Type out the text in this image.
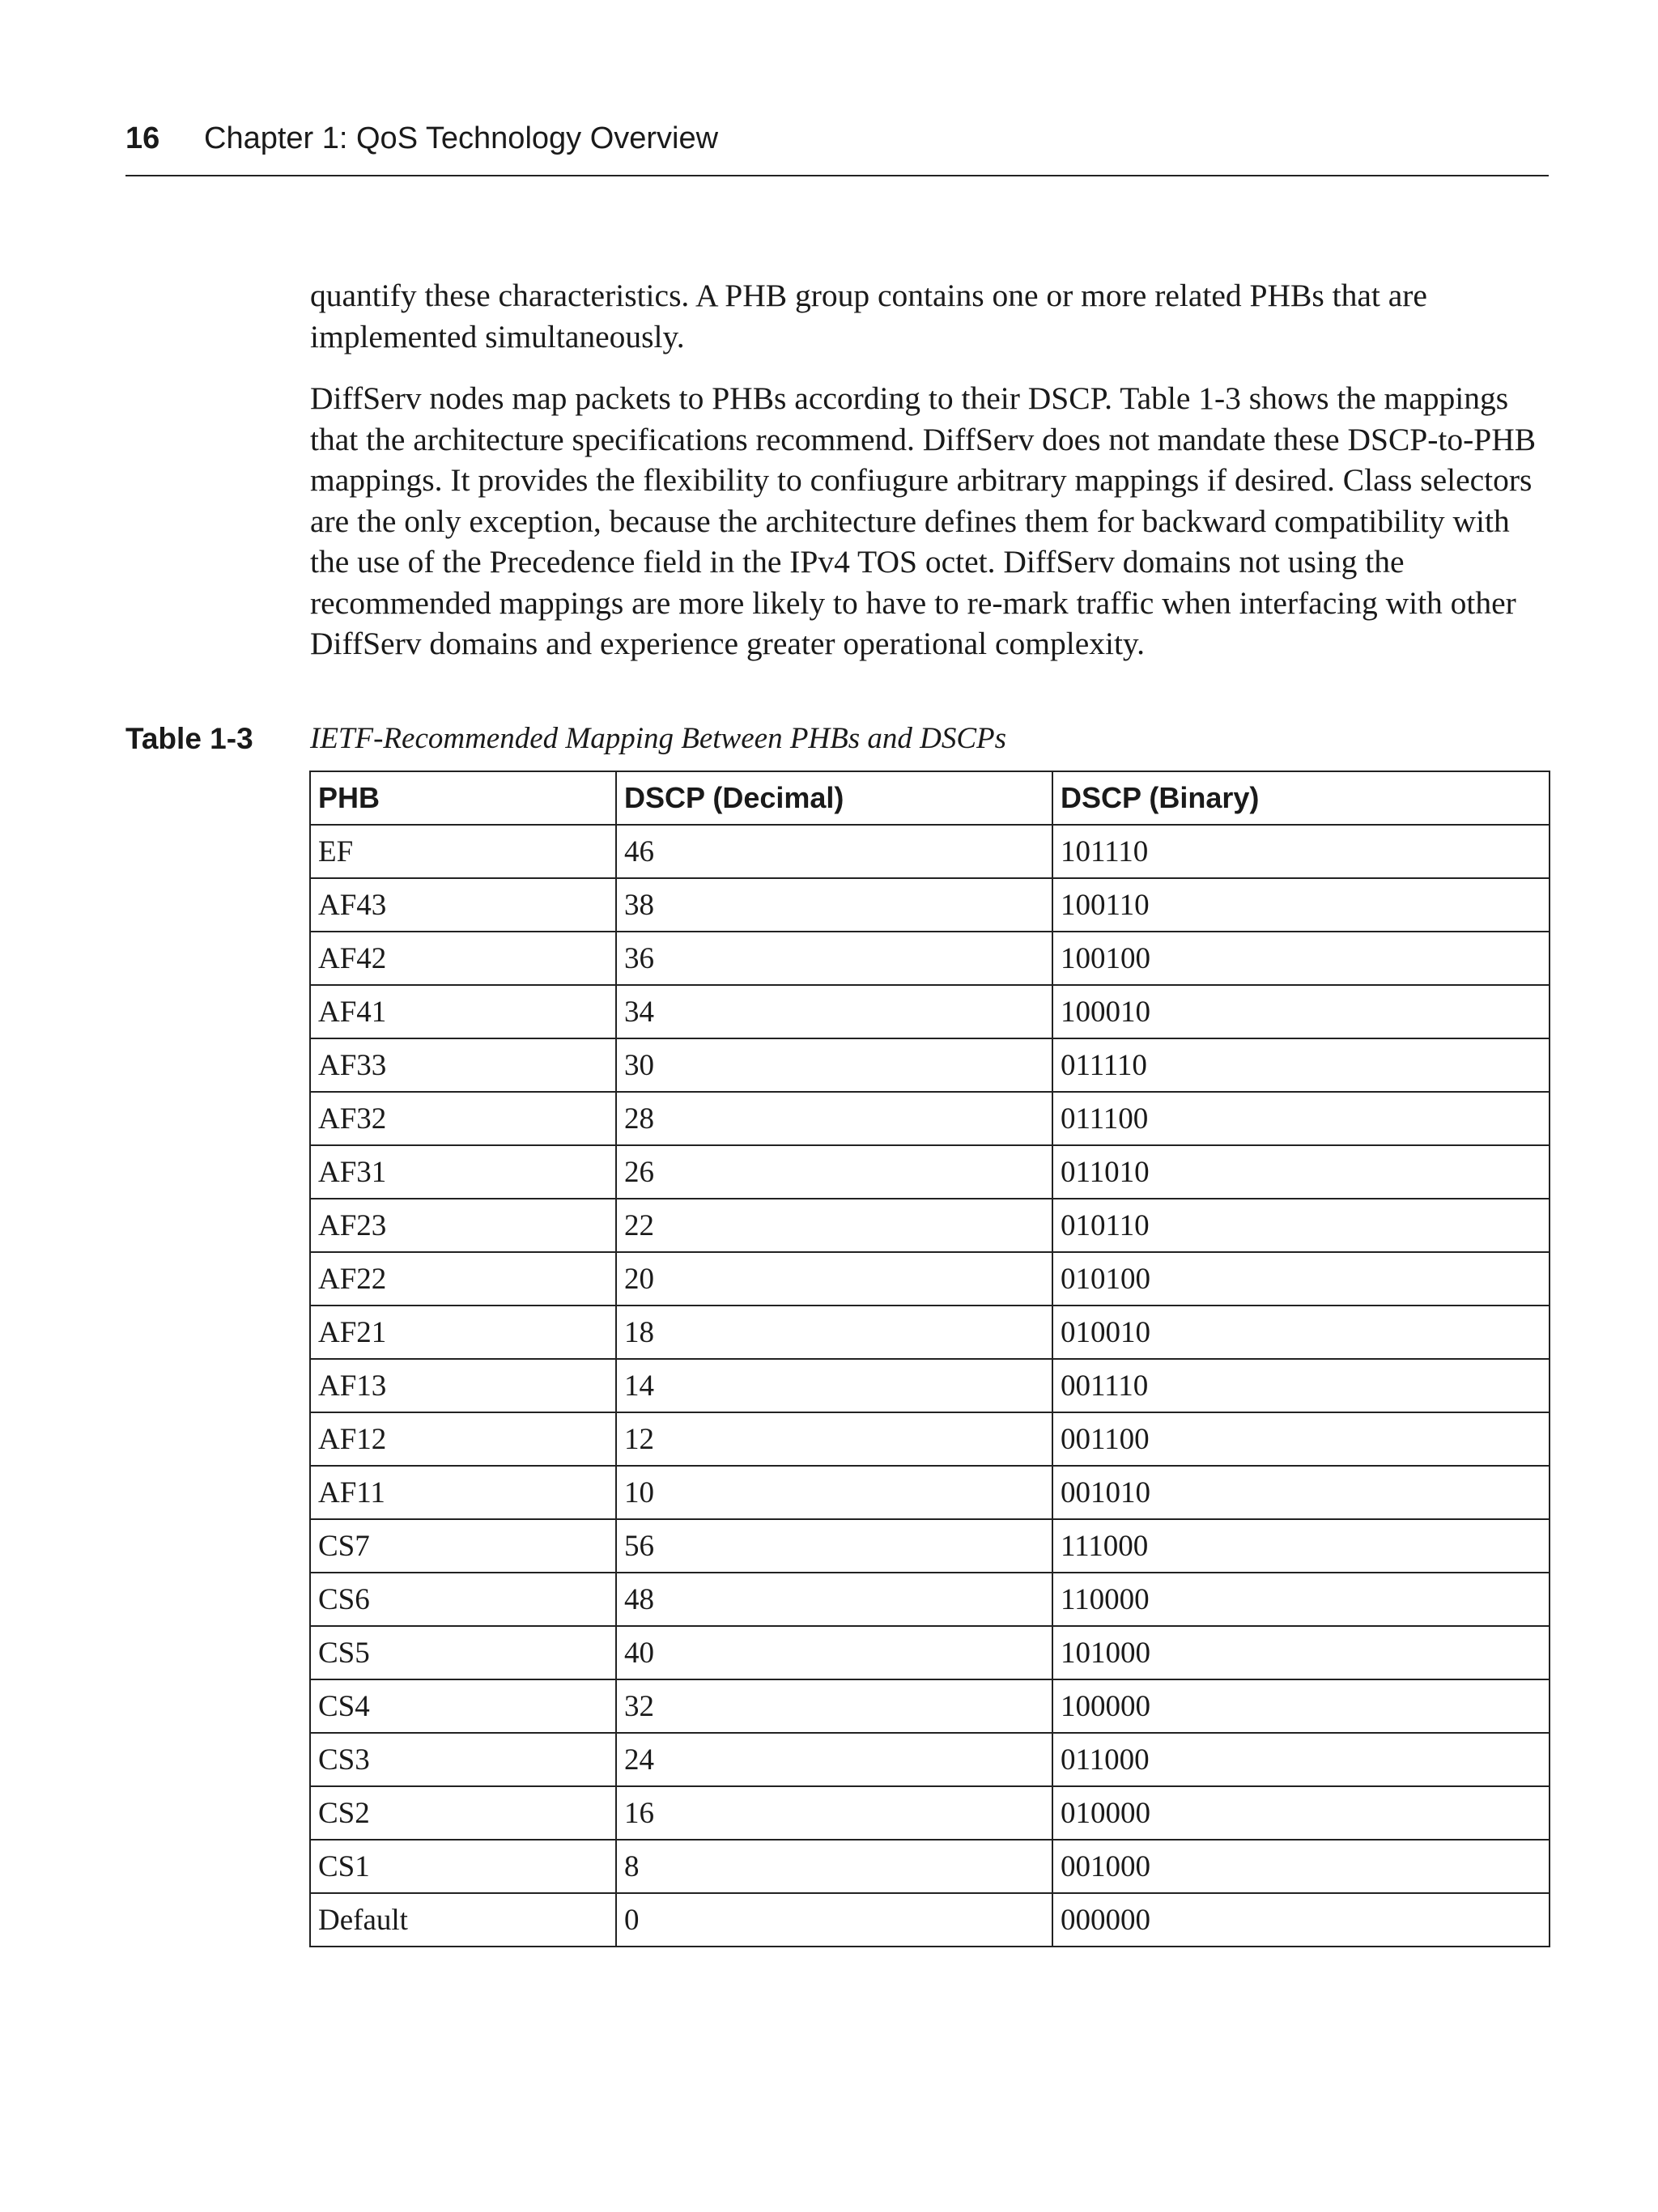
16 Chapter 1: QoS Technology Overview

quantify these characteristics. A PHB group contains one or more related PHBs that are implemented simultaneously.

DiffServ nodes map packets to PHBs according to their DSCP. Table 1-3 shows the mappings that the architecture specifications recommend. DiffServ does not mandate these DSCP-to-PHB mappings. It provides the flexibility to confiugure arbitrary mappings if desired. Class selectors are the only exception, because the architecture defines them for backward compatibility with the use of the Precedence field in the IPv4 TOS octet. DiffServ domains not using the recommended mappings are more likely to have to re-mark traffic when interfacing with other DiffServ domains and experience greater operational complexity.

Table 1-3 IETF-Recommended Mapping Between PHBs and DSCPs
PHB	DSCP (Decimal)	DSCP (Binary)
EF	46	101110
AF43	38	100110
AF42	36	100100
AF41	34	100010
AF33	30	011110
AF32	28	011100
AF31	26	011010
AF23	22	010110
AF22	20	010100
AF21	18	010010
AF13	14	001110
AF12	12	001100
AF11	10	001010
CS7	56	111000
CS6	48	110000
CS5	40	101000
CS4	32	100000
CS3	24	011000
CS2	16	010000
CS1	8	001000
Default	0	000000
